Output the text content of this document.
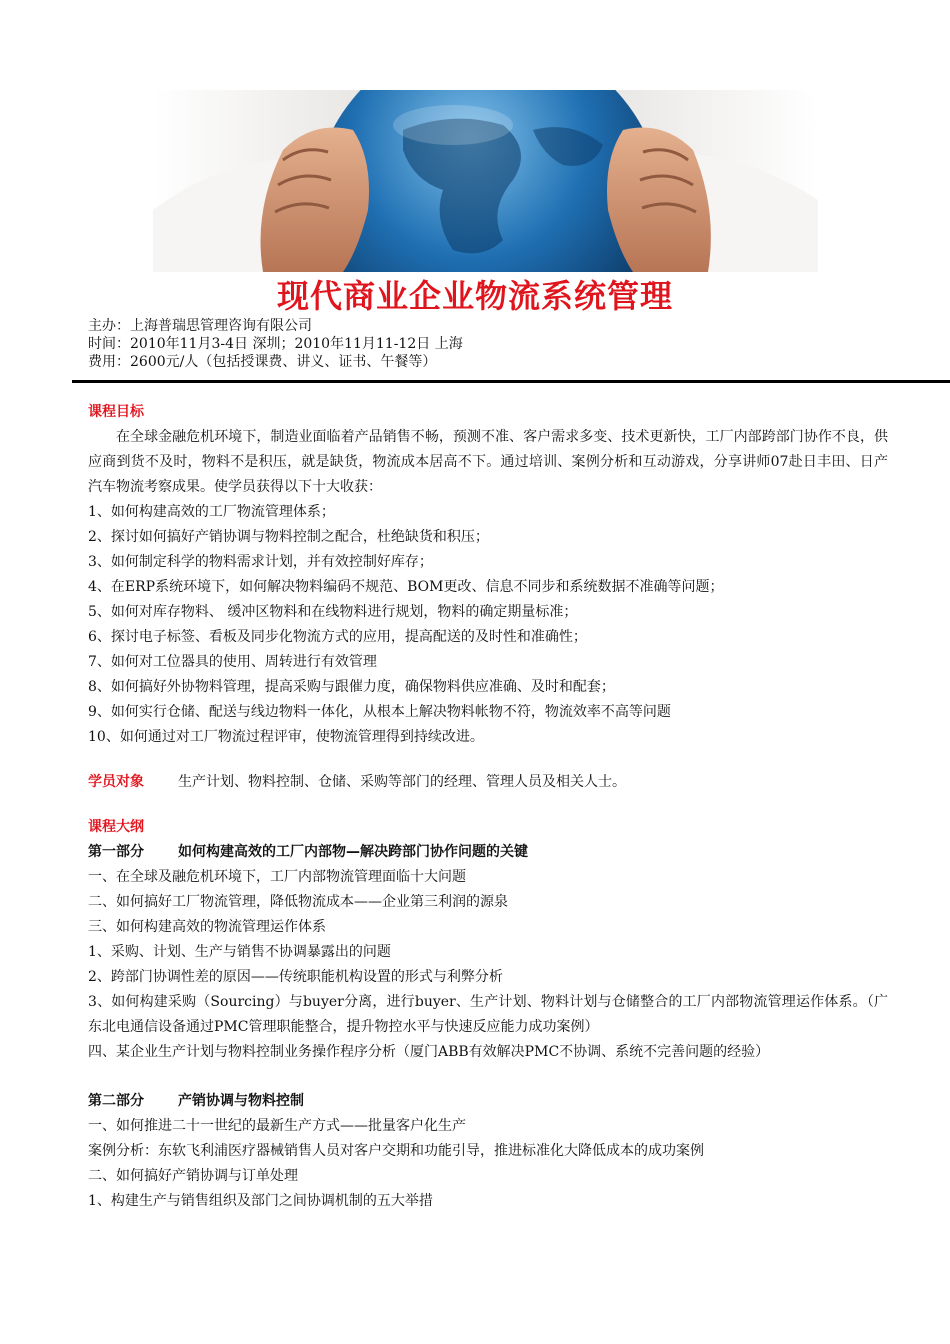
现代商业企业物流系统管理
主办：上海普瑞思管理咨询有限公司
时间：2010年11月3-4日 深圳；2010年11月11-12日 上海
费用：2600元/人（包括授课费、讲义、证书、午餐等）
课程目标
在全球金融危机环境下，制造业面临着产品销售不畅，预测不准、客户需求多变、技术更新快，工厂内部跨部门协作不良，供应商到货不及时，物料不是积压，就是缺货，物流成本居高不下。通过培训、案例分析和互动游戏，分享讲师07赴日丰田、日产汽车物流考察成果。使学员获得以下十大收获：
1、如何构建高效的工厂物流管理体系；
2、探讨如何搞好产销协调与物料控制之配合，杜绝缺货和积压；
3、如何制定科学的物料需求计划，并有效控制好库存；
4、在ERP系统环境下，如何解决物料编码不规范、BOM更改、信息不同步和系统数据不准确等问题；
5、如何对库存物料、 缓冲区物料和在线物料进行规划，物料的确定期量标准；
6、探讨电子标签、看板及同步化物流方式的应用，提高配送的及时性和准确性；
7、如何对工位器具的使用、周转进行有效管理
8、如何搞好外协物料管理，提高采购与跟催力度，确保物料供应准确、及时和配套；
9、如何实行仓储、配送与线边物料一体化，从根本上解决物料帐物不符，物流效率不高等问题
10、如何通过对工厂物流过程评审，使物流管理得到持续改进。
学员对象 生产计划、物料控制、仓储、采购等部门的经理、管理人员及相关人士。
课程大纲
第一部分 如何构建高效的工厂内部物—解决跨部门协作问题的关键
一、在全球及融危机环境下，工厂内部物流管理面临十大问题
二、如何搞好工厂物流管理，降低物流成本——企业第三利润的源泉
三、如何构建高效的物流管理运作体系
1、采购、计划、生产与销售不协调暴露出的问题
2、跨部门协调性差的原因——传统职能机构设置的形式与利弊分析
3、如何构建采购（Sourcing）与buyer分离，进行buyer、生产计划、物料计划与仓储整合的工厂内部物流管理运作体系。（广东北电通信设备通过PMC管理职能整合，提升物控水平与快速反应能力成功案例）
四、某企业生产计划与物料控制业务操作程序分析（厦门ABB有效解决PMC不协调、系统不完善问题的经验）
第二部分 产销协调与物料控制
一、如何推进二十一世纪的最新生产方式——批量客户化生产
案例分析：东软飞利浦医疗器械销售人员对客户交期和功能引导，推进标准化大降低成本的成功案例
二、如何搞好产销协调与订单处理
1、构建生产与销售组织及部门之间协调机制的五大举措
